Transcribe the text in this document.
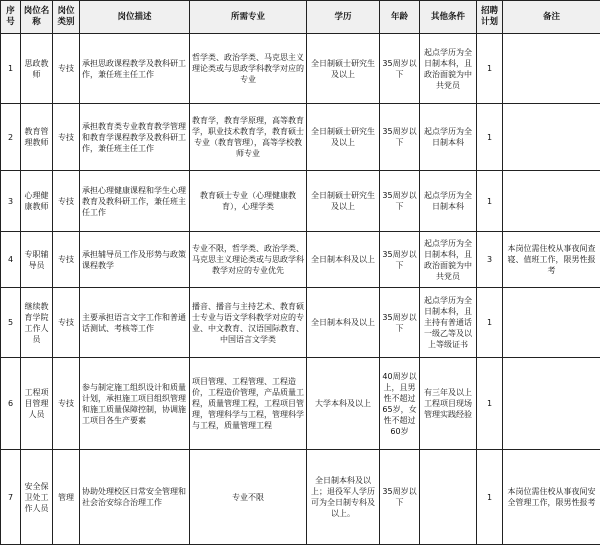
序号	岗位名称	岗位类别	岗位描述	所需专业	学历	年龄	其他条件	招聘计划	备注
1	思政教师	专技	承担思政课程教学及教科研工作，兼任班主任工作	哲学类、政治学类、马克思主义理论类或与思政学科教学对应的专业	全日制硕士研究生及以上	35周岁以下	起点学历为全日制本科，且政治面貌为中共党员	1	
2	教育管理教师	专技	承担教育类专业教育教学管理和教育学课程教学及教科研工作，兼任班主任工作	教育学，教育学原理，高等教育学，职业技术教育学，教育硕士专业（教育管理），高等学校教师专业	全日制硕士研究生及以上	35周岁以下	起点学历为全日制本科	1	
3	心理健康教师	专技	承担心理健康课程和学生心理教育及教科研工作，兼任班主任工作	教育硕士专业（心理健康教育），心理学类	全日制硕士研究生及以上	35周岁以下	起点学历为全日制本科	1	
4	专职辅导员	专技	承担辅导员工作及形势与政策课程教学	专业不限，哲学类、政治学类、马克思主义理论类或与思政学科教学对应的专业优先	全日制本科及以上	35周岁以下	起点学历为全日制本科，且政治面貌为中共党员	3	本岗位需住校从事夜间查寝、值班工作，限男性报考
5	继续教育学院工作人员	专技	主要承担语言文字工作和普通话测试、考核等工作	播音、播音与主持艺术、教育硕士专业与语文学科教学对应的专业、中文教育、汉语国际教育、中国语言文学类	全日制本科及以上	35周岁以下	起点学历为全日制本科，且主持有普通话一级乙等及以上等级证书	1	
6	工程项目管理人员	专技	参与制定施工组织设计和质量计划，承担施工项目组织管理和施工质量保障控制，协调施工项目各生产要素	项目管理、工程管理、工程造价，工程造价管理，产品质量工程，质量管理工程，工程项目管理，管理科学与工程，管理科学与工程，质量管理工程	大学本科及以上	40周岁以上，且男性不超过65岁，女性不超过60岁	有三年及以上工程项目现场管理实践经验	1	
7	安全保卫处工作人员	管理	协助处理校区日常安全管理和社会治安综合治理工作	专业不限	全日制本科及以上；退役军人学历可为全日制专科及以上。	35周岁以下		1	本岗位需住校从事夜间安全管理工作，限男性报考
